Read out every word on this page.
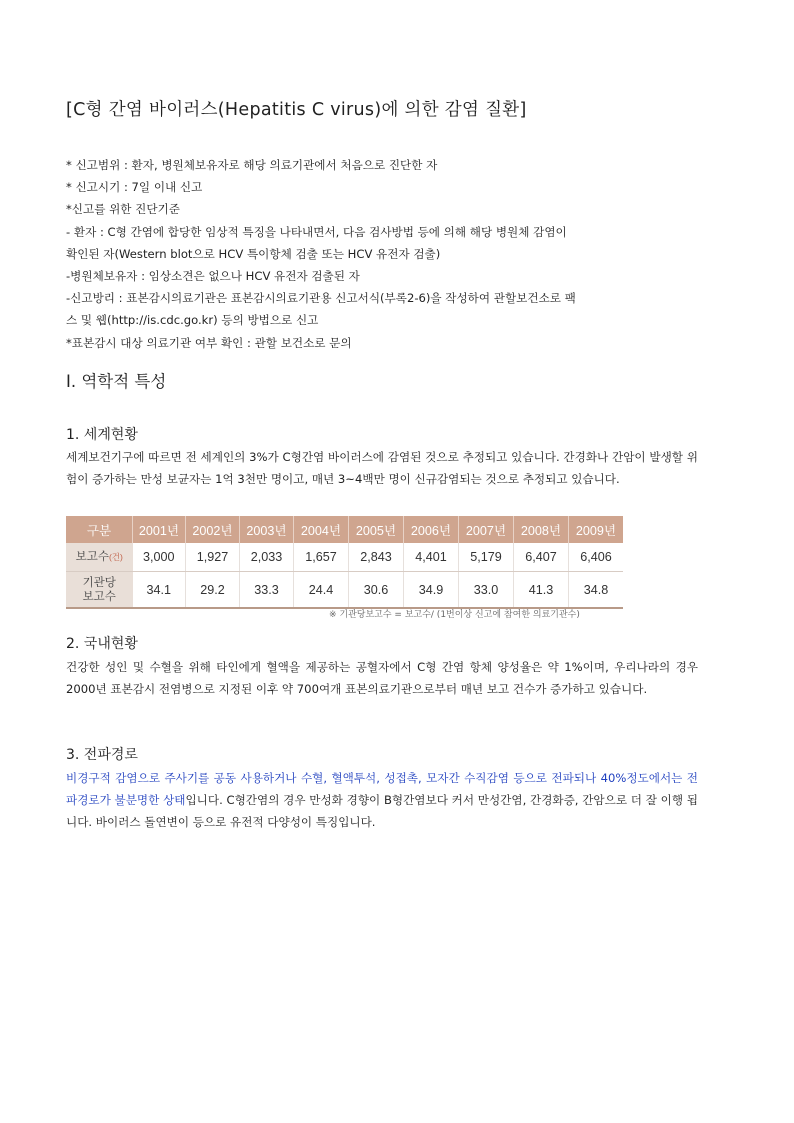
[C형 간염 바이러스(Hepatitis C virus)에 의한 감염 질환]
* 신고범위 : 환자, 병원체보유자로 해당 의료기관에서 처음으로 진단한 자
* 신고시기 : 7일 이내 신고
*신고를 위한 진단기준
- 환자 : C형 간염에 합당한 임상적 특징을 나타내면서, 다음 검사방법 등에 의해 해당 병원체 감염이
확인된 자(Western blot으로 HCV 특이항체 검출 또는 HCV 유전자 검출)
-병원체보유자 : 임상소견은 없으나 HCV 유전자 검출된 자
-신고방리 : 표본감시의료기관은 표본감시의료기관용 신고서식(부록2-6)을 작성하여 관할보건소로 팩
스 및 웹(http://is.cdc.go.kr) 등의 방법으로 신고
*표본감시 대상 의료기관 여부 확인 : 관할 보건소로 문의
Ⅰ. 역학적 특성
1. 세계현황
세계보건기구에 따르면 전 세계인의 3%가 C형간염 바이러스에 감염된 것으로 추정되고 있습니다. 간경화나 간암이 발생할 위험이 증가하는 만성 보균자는 1억 3천만 명이고, 매년 3~4백만 명이 신규감염되는 것으로 추정되고 있습니다.
구분	2001년	2002년	2003년	2004년	2005년	2006년	2007년	2008년	2009년
보고수(건)	3,000	1,927	2,033	1,657	2,843	4,401	5,179	6,407	6,406

기관당
보고수	34.1	29.2	33.3	24.4	30.6	34.9	33.0	41.3	34.8
※ 기관당보고수 = 보고수/ (1번이상 신고에 참여한 의료기관수)
2. 국내현황
건강한 성인 및 수혈을 위해 타인에게 혈액을 제공하는 공혈자에서 C형 간염 항체 양성율은 약 1%이며, 우리나라의 경우 2000년 표본감시 전염병으로 지정된 이후 약 700여개 표본의료기관으로부터 매년 보고 건수가 증가하고 있습니다.
3. 전파경로
비경구적 감염으로 주사기를 공동 사용하거나 수혈, 혈액투석, 성접촉, 모자간 수직감염 등으로 전파되나 40%정도에서는 전파경로가 불분명한 상태입니다. C형간염의 경우 만성화 경향이 B형간염보다 커서 만성간염, 간경화증, 간암으로 더 잘 이행 됩니다. 바이러스 돌연변이 등으로 유전적 다양성이 특징입니다.
